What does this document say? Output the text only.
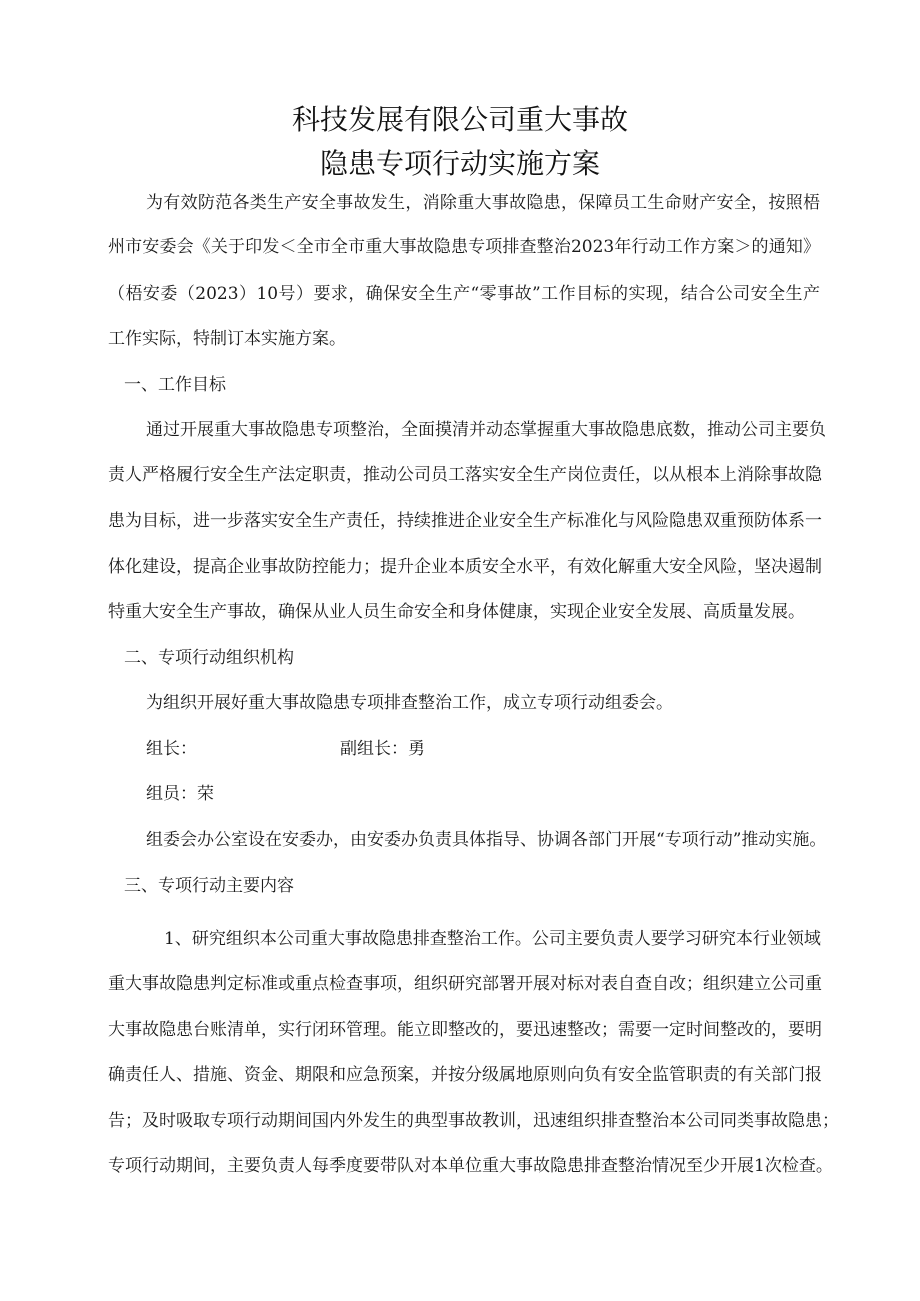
科技发展有限公司重大事故
隐患专项行动实施方案
为有效防范各类生产安全事故发生，消除重大事故隐患，保障员工生命财产安全，按照梧
州市安委会《关于印发＜全市全市重大事故隐患专项排查整治2023年行动工作方案＞的通知》
（梧安委（2023）10号）要求，确保安全生产“零事故”工作目标的实现，结合公司安全生产
工作实际，特制订本实施方案。
一、工作目标
通过开展重大事故隐患专项整治，全面摸清并动态掌握重大事故隐患底数，推动公司主要负
责人严格履行安全生产法定职责，推动公司员工落实安全生产岗位责任，以从根本上消除事故隐
患为目标，进一步落实安全生产责任，持续推进企业安全生产标准化与风险隐患双重预防体系一
体化建设，提高企业事故防控能力；提升企业本质安全水平，有效化解重大安全风险，坚决遏制
特重大安全生产事故，确保从业人员生命安全和身体健康，实现企业安全发展、高质量发展。
二、专项行动组织机构
为组织开展好重大事故隐患专项排查整治工作，成立专项行动组委会。
组长：	副组长：勇
组员：荣
组委会办公室设在安委办，由安委办负责具体指导、协调各部门开展“专项行动”推动实施。
三、专项行动主要内容
1、研究组织本公司重大事故隐患排查整治工作。公司主要负责人要学习研究本行业领域
重大事故隐患判定标准或重点检查事项，组织研究部署开展对标对表自查自改；组织建立公司重
大事故隐患台账清单，实行闭环管理。能立即整改的，要迅速整改；需要一定时间整改的，要明
确责任人、措施、资金、期限和应急预案，并按分级属地原则向负有安全监管职责的有关部门报
告；及时吸取专项行动期间国内外发生的典型事故教训，迅速组织排查整治本公司同类事故隐患；
专项行动期间，主要负责人每季度要带队对本单位重大事故隐患排查整治情况至少开展1次检查。
